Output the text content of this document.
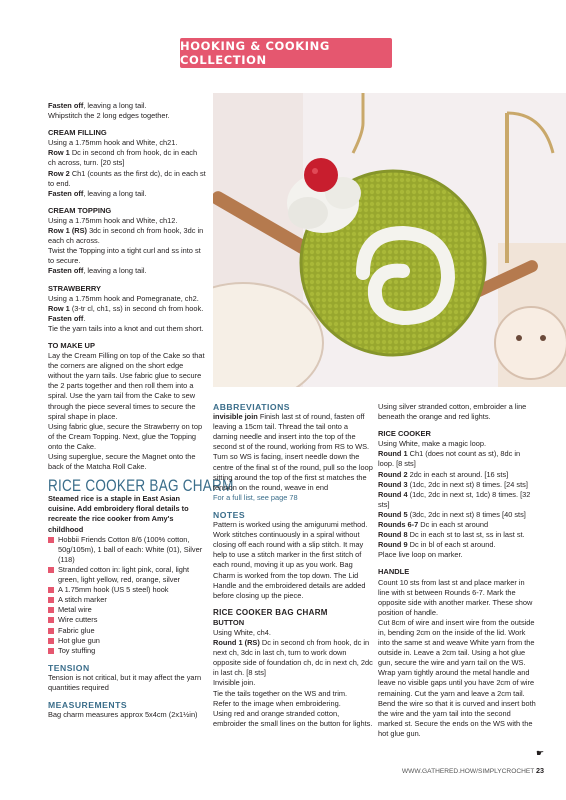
HOOKING & COOKING COLLECTION

Fasten off, leaving a long tail.

Whipstitch the 2 long edges together.

CREAM FILLING

Using a 1.75mm hook and White, ch21.

Row 1 Dc in second ch from hook, dc in each ch across, turn. [20 sts]

Row 2 Ch1 (counts as the first dc), dc in each st to end.

Fasten off, leaving a long tail.

CREAM TOPPING

Using a 1.75mm hook and White, ch12.

Row 1 (RS) 3dc in second ch from hook, 3dc in each ch across.

Twist the Topping into a tight curl and ss into st to secure.

Fasten off, leaving a long tail.

STRAWBERRY

Using a 1.75mm hook and Pomegranate, ch2.

Row 1 (3-tr cl, ch1, ss) in second ch from hook.

Fasten off.

Tie the yarn tails into a knot and cut them short.

TO MAKE UP

Lay the Cream Filling on top of the Cake so that the corners are aligned on the short edge without the yarn tails. Use fabric glue to secure the 2 parts together and then roll them into a spiral. Use the yarn tail from the Cake to sew through the piece several times to secure the spiral shape in place.

Using fabric glue, secure the Strawberry on top of the Cream Topping. Next, glue the Topping onto the Cake.

Using superglue, secure the Magnet onto the back of the Matcha Roll Cake.

RICE COOKER BAG CHARM

Steamed rice is a staple in East Asian cuisine. Add embroidery floral details to recreate the rice cooker from Amy's childhood

Hobbii Friends Cotton 8/6 (100% cotton, 50g/105m), 1 ball of each: White (01), Silver (118)
Stranded cotton in: light pink, coral, light green, light yellow, red, orange, silver
A 1.75mm hook (US 5 steel) hook
A stitch marker
Metal wire
Wire cutters
Fabric glue
Hot glue gun
Toy stuffing

TENSION

Tension is not critical, but it may affect the yarn quantities required

MEASUREMENTS

Bag charm measures approx 5x4cm (2x1½in)

ABBREVIATIONS

invisible join Finish last st of round, fasten off leaving a 15cm tail. Thread the tail onto a darning needle and insert into the top of the second st of the round, working from RS to WS. Turn so WS is facing, insert needle down the centre of the final st of the round, pull so the loop sitting around the top of the first st matches the tension on the round, weave in end

For a full list, see page 78

NOTES

Pattern is worked using the amigurumi method. Work stitches continuously in a spiral without closing off each round with a slip stitch. It may help to use a stitch marker in the first stitch of each round, moving it up as you work. Bag Charm is worked from the top down. The Lid Handle and the embroidered details are added before closing up the piece.

RICE COOKER BAG CHARM

BUTTON

Using White, ch4.

Round 1 (RS) Dc in second ch from hook, dc in next ch, 3dc in last ch, turn to work down opposite side of foundation ch, dc in next ch, 2dc in last ch. [8 sts]

Invisible join.

Tie the tails together on the WS and trim.

Refer to the image when embroidering.

Using red and orange stranded cotton, embroider the small lines on the button for lights.

Using silver stranded cotton, embroider a line beneath the orange and red lights.

RICE COOKER

Using White, make a magic loop.

Round 1 Ch1 (does not count as st), 8dc in loop. [8 sts]

Round 2 2dc in each st around. [16 sts]

Round 3 (1dc, 2dc in next st) 8 times. [24 sts]

Round 4 (1dc, 2dc in next st, 1dc) 8 times. [32 sts]

Round 5 (3dc, 2dc in next st) 8 times [40 sts]

Rounds 6-7 Dc in each st around

Round 8 Dc in each st to last st, ss in last st.

Round 9 Dc in bl of each st around.

Place live loop on marker.

HANDLE

Count 10 sts from last st and place marker in line with st between Rounds 6-7. Mark the opposite side with another marker. These show position of handle.

Cut 8cm of wire and insert wire from the outside in, bending 2cm on the inside of the lid. Work into the same st and weave White yarn from the outside in. Leave a 2cm tail. Using a hot glue gun, secure the wire and yarn tail on the WS.

Wrap yarn tightly around the metal handle and leave no visible gaps until you have 2cm of wire remaining. Cut the yarn and leave a 2cm tail. Bend the wire so that it is curved and insert both the wire and the yarn tail into the second marked st. Secure the ends on the WS with the hot glue gun.

☛
WWW.GATHERED.HOW/SIMPLYCROCHET 23
PassionForum.ru
